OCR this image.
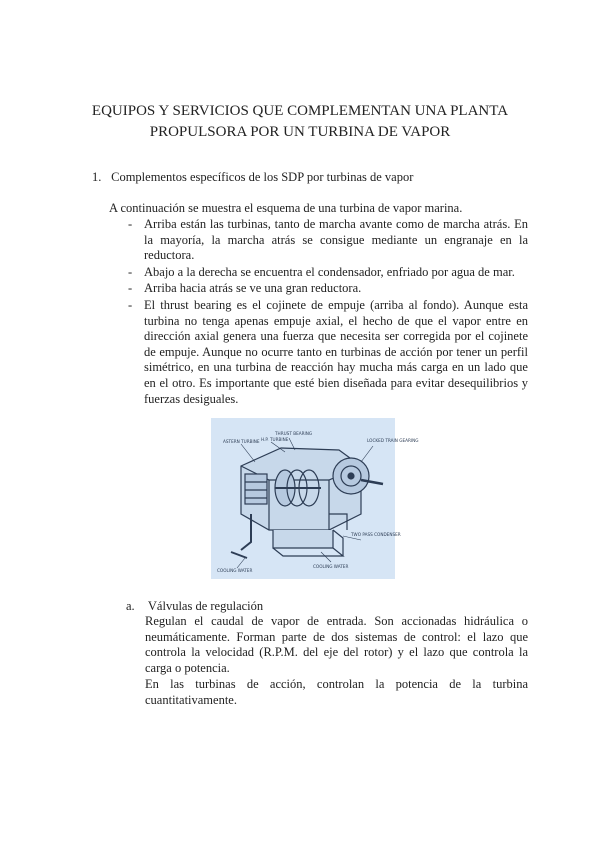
EQUIPOS Y SERVICIOS QUE COMPLEMENTAN UNA PLANTA
PROPULSORA POR UN TURBINA DE VAPOR
1. Complementos específicos de los SDP por turbinas de vapor
A continuación se muestra el esquema de una turbina de vapor marina.
- Arriba están las turbinas, tanto de marcha avante como de marcha atrás. En la mayoría, la marcha atrás se consigue mediante un engranaje en la reductora.
- Abajo a la derecha se encuentra el condensador, enfriado por agua de mar.
- Arriba hacia atrás se ve una gran reductora.
- El thrust bearing es el cojinete de empuje (arriba al fondo). Aunque esta turbina no tenga apenas empuje axial, el hecho de que el vapor entre en dirección axial genera una fuerza que necesita ser corregida por el cojinete de empuje. Aunque no ocurre tanto en turbinas de acción por tener un perfil simétrico, en una turbina de reacción hay mucha más carga en un lado que en el otro. Es importante que esté bien diseñada para evitar desequilibrios y fuerzas desiguales.
THRUST BEARING
H.P. TURBINE
ASTERN TURBINE	LOCKED TRAIN GEARING
TWO PASS CONDENSER
COOLING WATER
COOLING WATER
a. Válvulas de regulación

Regulan el caudal de vapor de entrada. Son accionadas hidráulica o neumáticamente. Forman parte de dos sistemas de control: el lazo que controla la velocidad (R.P.M. del eje del rotor) y el lazo que controla la carga o potencia.

En las turbinas de acción, controlan la potencia de la turbina cuantitativamente.
